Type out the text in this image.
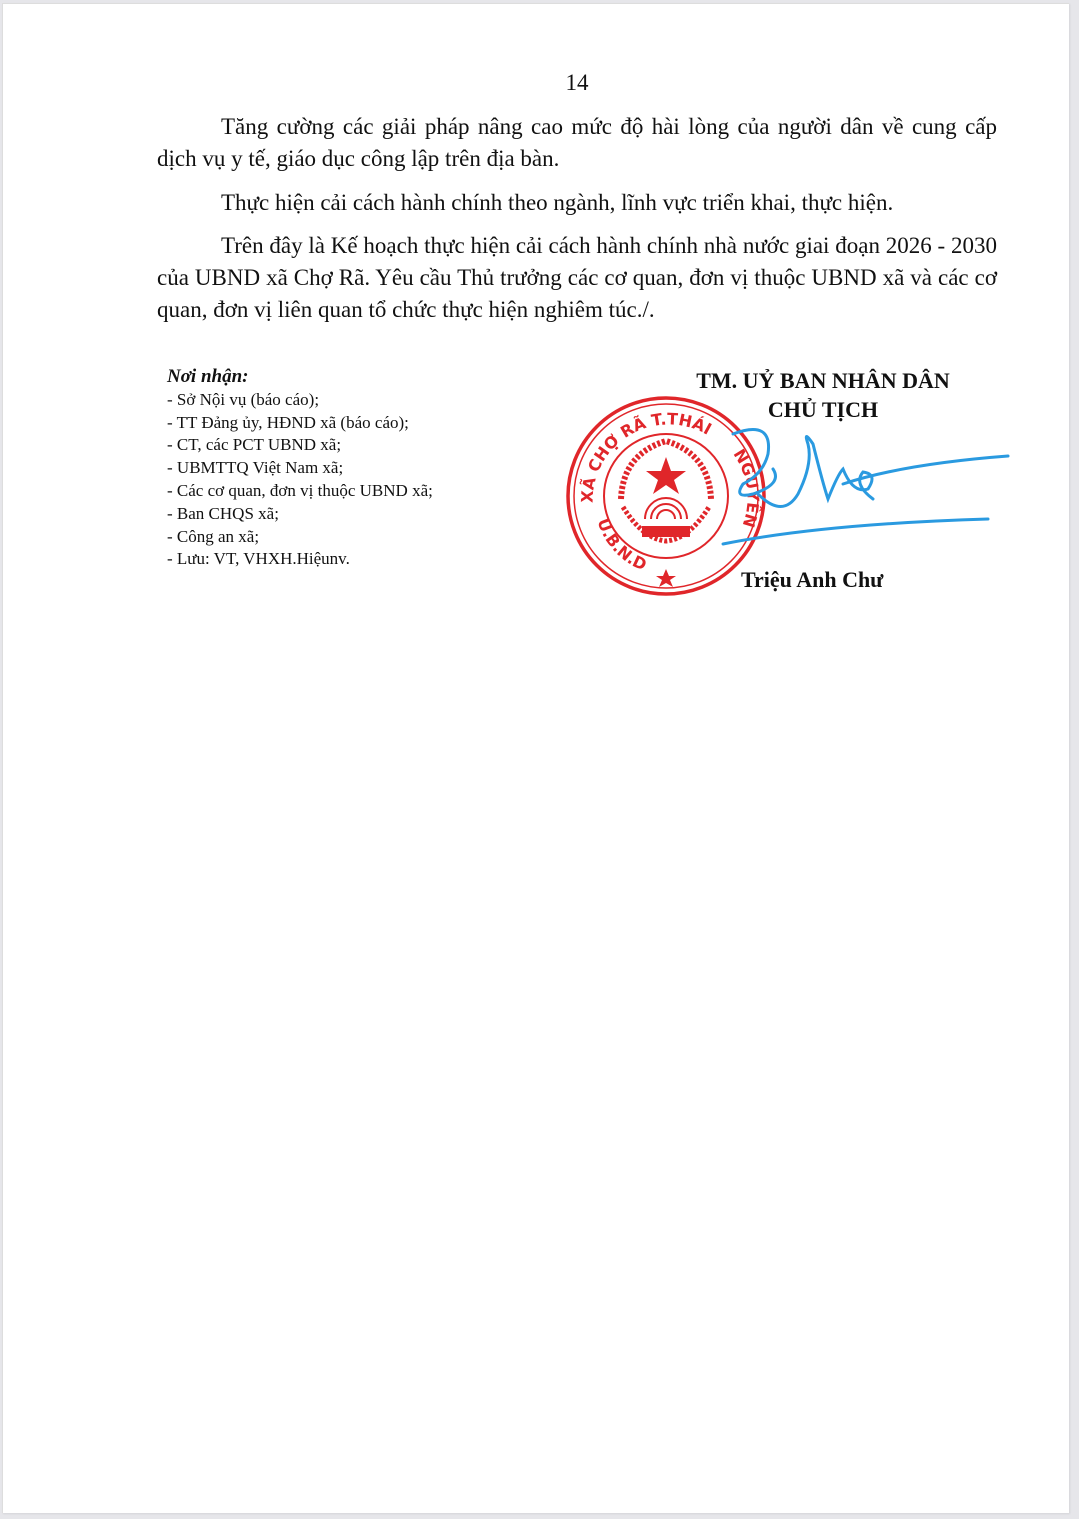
14

Tăng cường các giải pháp nâng cao mức độ hài lòng của người dân về cung cấp dịch vụ y tế, giáo dục công lập trên địa bàn.

Thực hiện cải cách hành chính theo ngành, lĩnh vực triển khai, thực hiện.

Trên đây là Kế hoạch thực hiện cải cách hành chính nhà nước giai đoạn 2026 - 2030 của UBND xã Chợ Rã. Yêu cầu Thủ trưởng các cơ quan, đơn vị thuộc UBND xã và các cơ quan, đơn vị liên quan tổ chức thực hiện nghiêm túc./.

Nơi nhận:
- Sở Nội vụ (báo cáo);
- TT Đảng ủy, HĐND xã (báo cáo);
- CT, các PCT UBND xã;
- UBMTTQ Việt Nam xã;
- Các cơ quan, đơn vị thuộc UBND xã;
- Ban CHQS xã;
- Công an xã;
- Lưu: VT, VHXH.Hiệunv.
TM. UỶ BAN NHÂN DÂN
CHỦ TỊCH
XÃ CHỢ RÃ T.THÁI
NGUYÊN
U.B.N.D
Triệu Anh Chư
